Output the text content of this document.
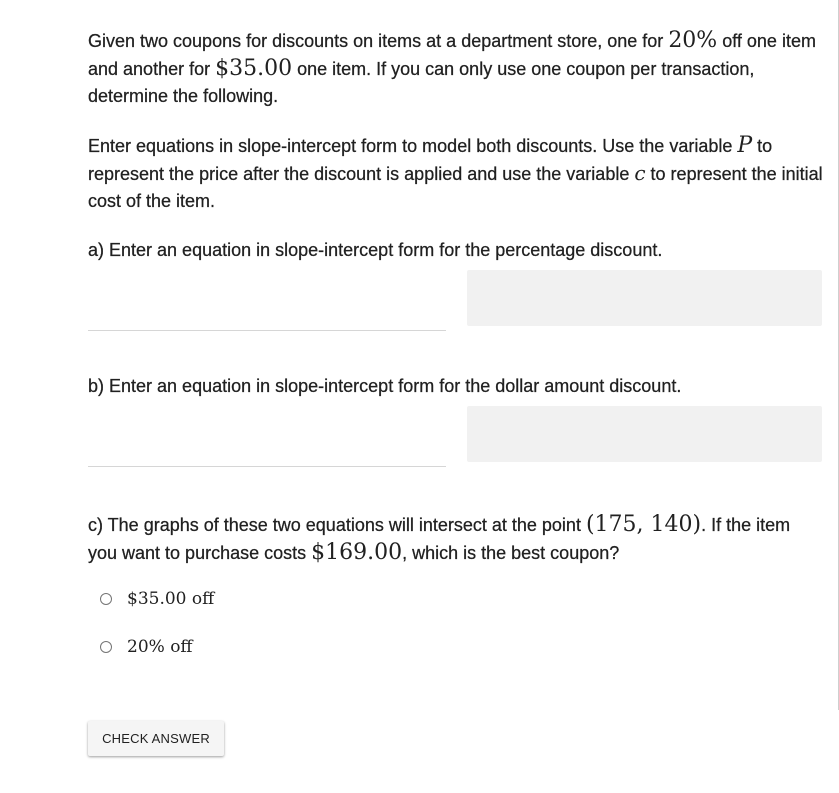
Given two coupons for discounts on items at a department store, one for 20% off one item and another for $35.00 one item. If you can only use one coupon per transaction, determine the following.
Enter equations in slope-intercept form to model both discounts. Use the variable P to represent the price after the discount is applied and use the variable c to represent the initial cost of the item.
a) Enter an equation in slope-intercept form for the percentage discount.
b) Enter an equation in slope-intercept form for the dollar amount discount.
c) The graphs of these two equations will intersect at the point (175, 140). If the item you want to purchase costs $169.00, which is the best coupon?
$35.00 off
20% off
CHECK ANSWER
